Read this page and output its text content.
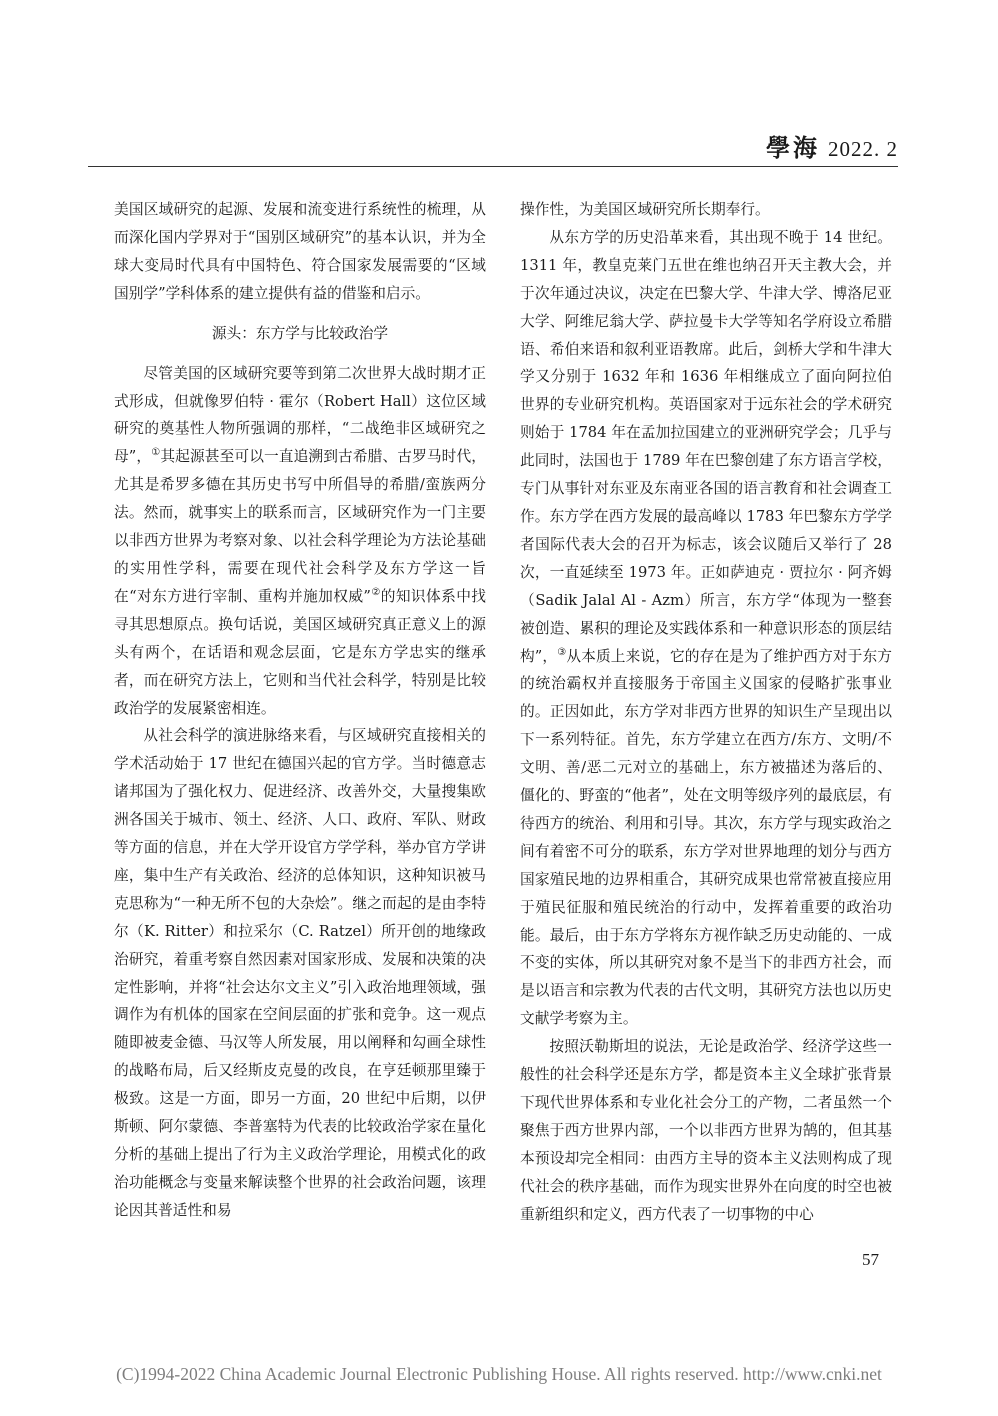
學海 2022. 2

美国区域研究的起源、发展和流变进行系统性的梳理，从而深化国内学界对于“国别区域研究”的基本认识，并为全球大变局时代具有中国特色、符合国家发展需要的“区域国别学”学科体系的建立提供有益的借鉴和启示。

源头：东方学与比较政治学

尽管美国的区域研究要等到第二次世界大战时期才正式形成，但就像罗伯特 · 霍尔（Robert Hall）这位区域研究的奠基性人物所强调的那样，“二战绝非区域研究之母”，①其起源甚至可以一直追溯到古希腊、古罗马时代，尤其是希罗多德在其历史书写中所倡导的希腊/蛮族两分法。然而，就事实上的联系而言，区域研究作为一门主要以非西方世界为考察对象、以社会科学理论为方法论基础的实用性学科，需要在现代社会科学及东方学这一旨在“对东方进行宰制、重构并施加权威”②的知识体系中找寻其思想原点。换句话说，美国区域研究真正意义上的源头有两个，在话语和观念层面，它是东方学忠实的继承者，而在研究方法上，它则和当代社会科学，特别是比较政治学的发展紧密相连。

从社会科学的演进脉络来看，与区域研究直接相关的学术活动始于 17 世纪在德国兴起的官方学。当时德意志诸邦国为了强化权力、促进经济、改善外交，大量搜集欧洲各国关于城市、领土、经济、人口、政府、军队、财政等方面的信息，并在大学开设官方学学科，举办官方学讲座，集中生产有关政治、经济的总体知识，这种知识被马克思称为“一种无所不包的大杂烩”。继之而起的是由李特尔（K. Ritter）和拉采尔（C. Ratzel）所开创的地缘政治研究，着重考察自然因素对国家形成、发展和决策的决定性影响，并将“社会达尔文主义”引入政治地理领域，强调作为有机体的国家在空间层面的扩张和竞争。这一观点随即被麦金德、马汉等人所发展，用以阐释和勾画全球性的战略布局，后又经斯皮克曼的改良，在亨廷顿那里臻于极致。这是一方面，即另一方面，20 世纪中后期，以伊斯顿、阿尔蒙德、李普塞特为代表的比较政治学家在量化分析的基础上提出了行为主义政治学理论，用模式化的政治功能概念与变量来解读整个世界的社会政治问题，该理论因其普适性和易

操作性，为美国区域研究所长期奉行。

从东方学的历史沿革来看，其出现不晚于 14 世纪。1311 年，教皇克莱门五世在维也纳召开天主教大会，并于次年通过决议，决定在巴黎大学、牛津大学、博洛尼亚大学、阿维尼翁大学、萨拉曼卡大学等知名学府设立希腊语、希伯来语和叙利亚语教席。此后，剑桥大学和牛津大学又分别于 1632 年和 1636 年相继成立了面向阿拉伯世界的专业研究机构。英语国家对于远东社会的学术研究则始于 1784 年在孟加拉国建立的亚洲研究学会；几乎与此同时，法国也于 1789 年在巴黎创建了东方语言学校，专门从事针对东亚及东南亚各国的语言教育和社会调查工作。东方学在西方发展的最高峰以 1783 年巴黎东方学学者国际代表大会的召开为标志，该会议随后又举行了 28 次，一直延续至 1973 年。正如萨迪克 · 贾拉尔 · 阿齐姆（Sadik Jalal Al - Azm）所言，东方学“体现为一整套被创造、累积的理论及实践体系和一种意识形态的顶层结构”，③从本质上来说，它的存在是为了维护西方对于东方的统治霸权并直接服务于帝国主义国家的侵略扩张事业的。正因如此，东方学对非西方世界的知识生产呈现出以下一系列特征。首先，东方学建立在西方/东方、文明/不文明、善/恶二元对立的基础上，东方被描述为落后的、僵化的、野蛮的“他者”，处在文明等级序列的最底层，有待西方的统治、利用和引导。其次，东方学与现实政治之间有着密不可分的联系，东方学对世界地理的划分与西方国家殖民地的边界相重合，其研究成果也常常被直接应用于殖民征服和殖民统治的行动中，发挥着重要的政治功能。最后，由于东方学将东方视作缺乏历史动能的、一成不变的实体，所以其研究对象不是当下的非西方社会，而是以语言和宗教为代表的古代文明，其研究方法也以历史文献学考察为主。

按照沃勒斯坦的说法，无论是政治学、经济学这些一般性的社会科学还是东方学，都是资本主义全球扩张背景下现代世界体系和专业化社会分工的产物，二者虽然一个聚焦于西方世界内部，一个以非西方世界为鹄的，但其基本预设却完全相同：由西方主导的资本主义法则构成了现代社会的秩序基础，而作为现实世界外在向度的时空也被重新组织和定义，西方代表了一切事物的中心

57
(C)1994-2022 China Academic Journal Electronic Publishing House. All rights reserved. http://www.cnki.net
